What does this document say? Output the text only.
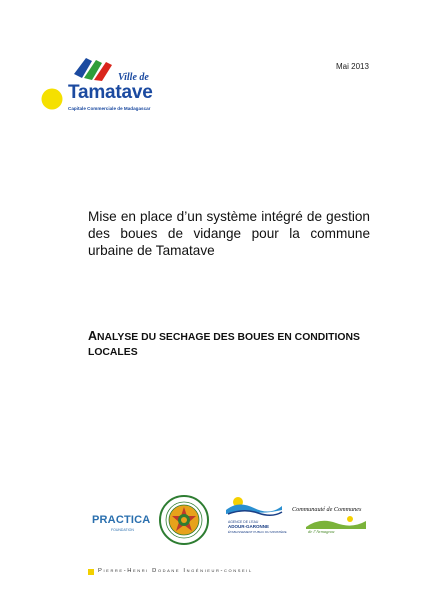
Mai 2013
Ville de
Tamatave
Capitale Commerciale de Madagascar
Mise en place d’un système intégré de gestion des boues de vidange pour la commune urbaine de Tamatave
ANALYSE DU SECHAGE DES BOUES EN CONDITIONS LOCALES
PRACTICA
FOUNDATION
AGENCE DE L’EAU
ADOUR-GARONNE
ÉTABLISSEMENT PUBLIC DU MINISTÈRE
Communauté de Communes
de l’Armagnac
Pierre-Henri Dodane Ingénieur-conseil
